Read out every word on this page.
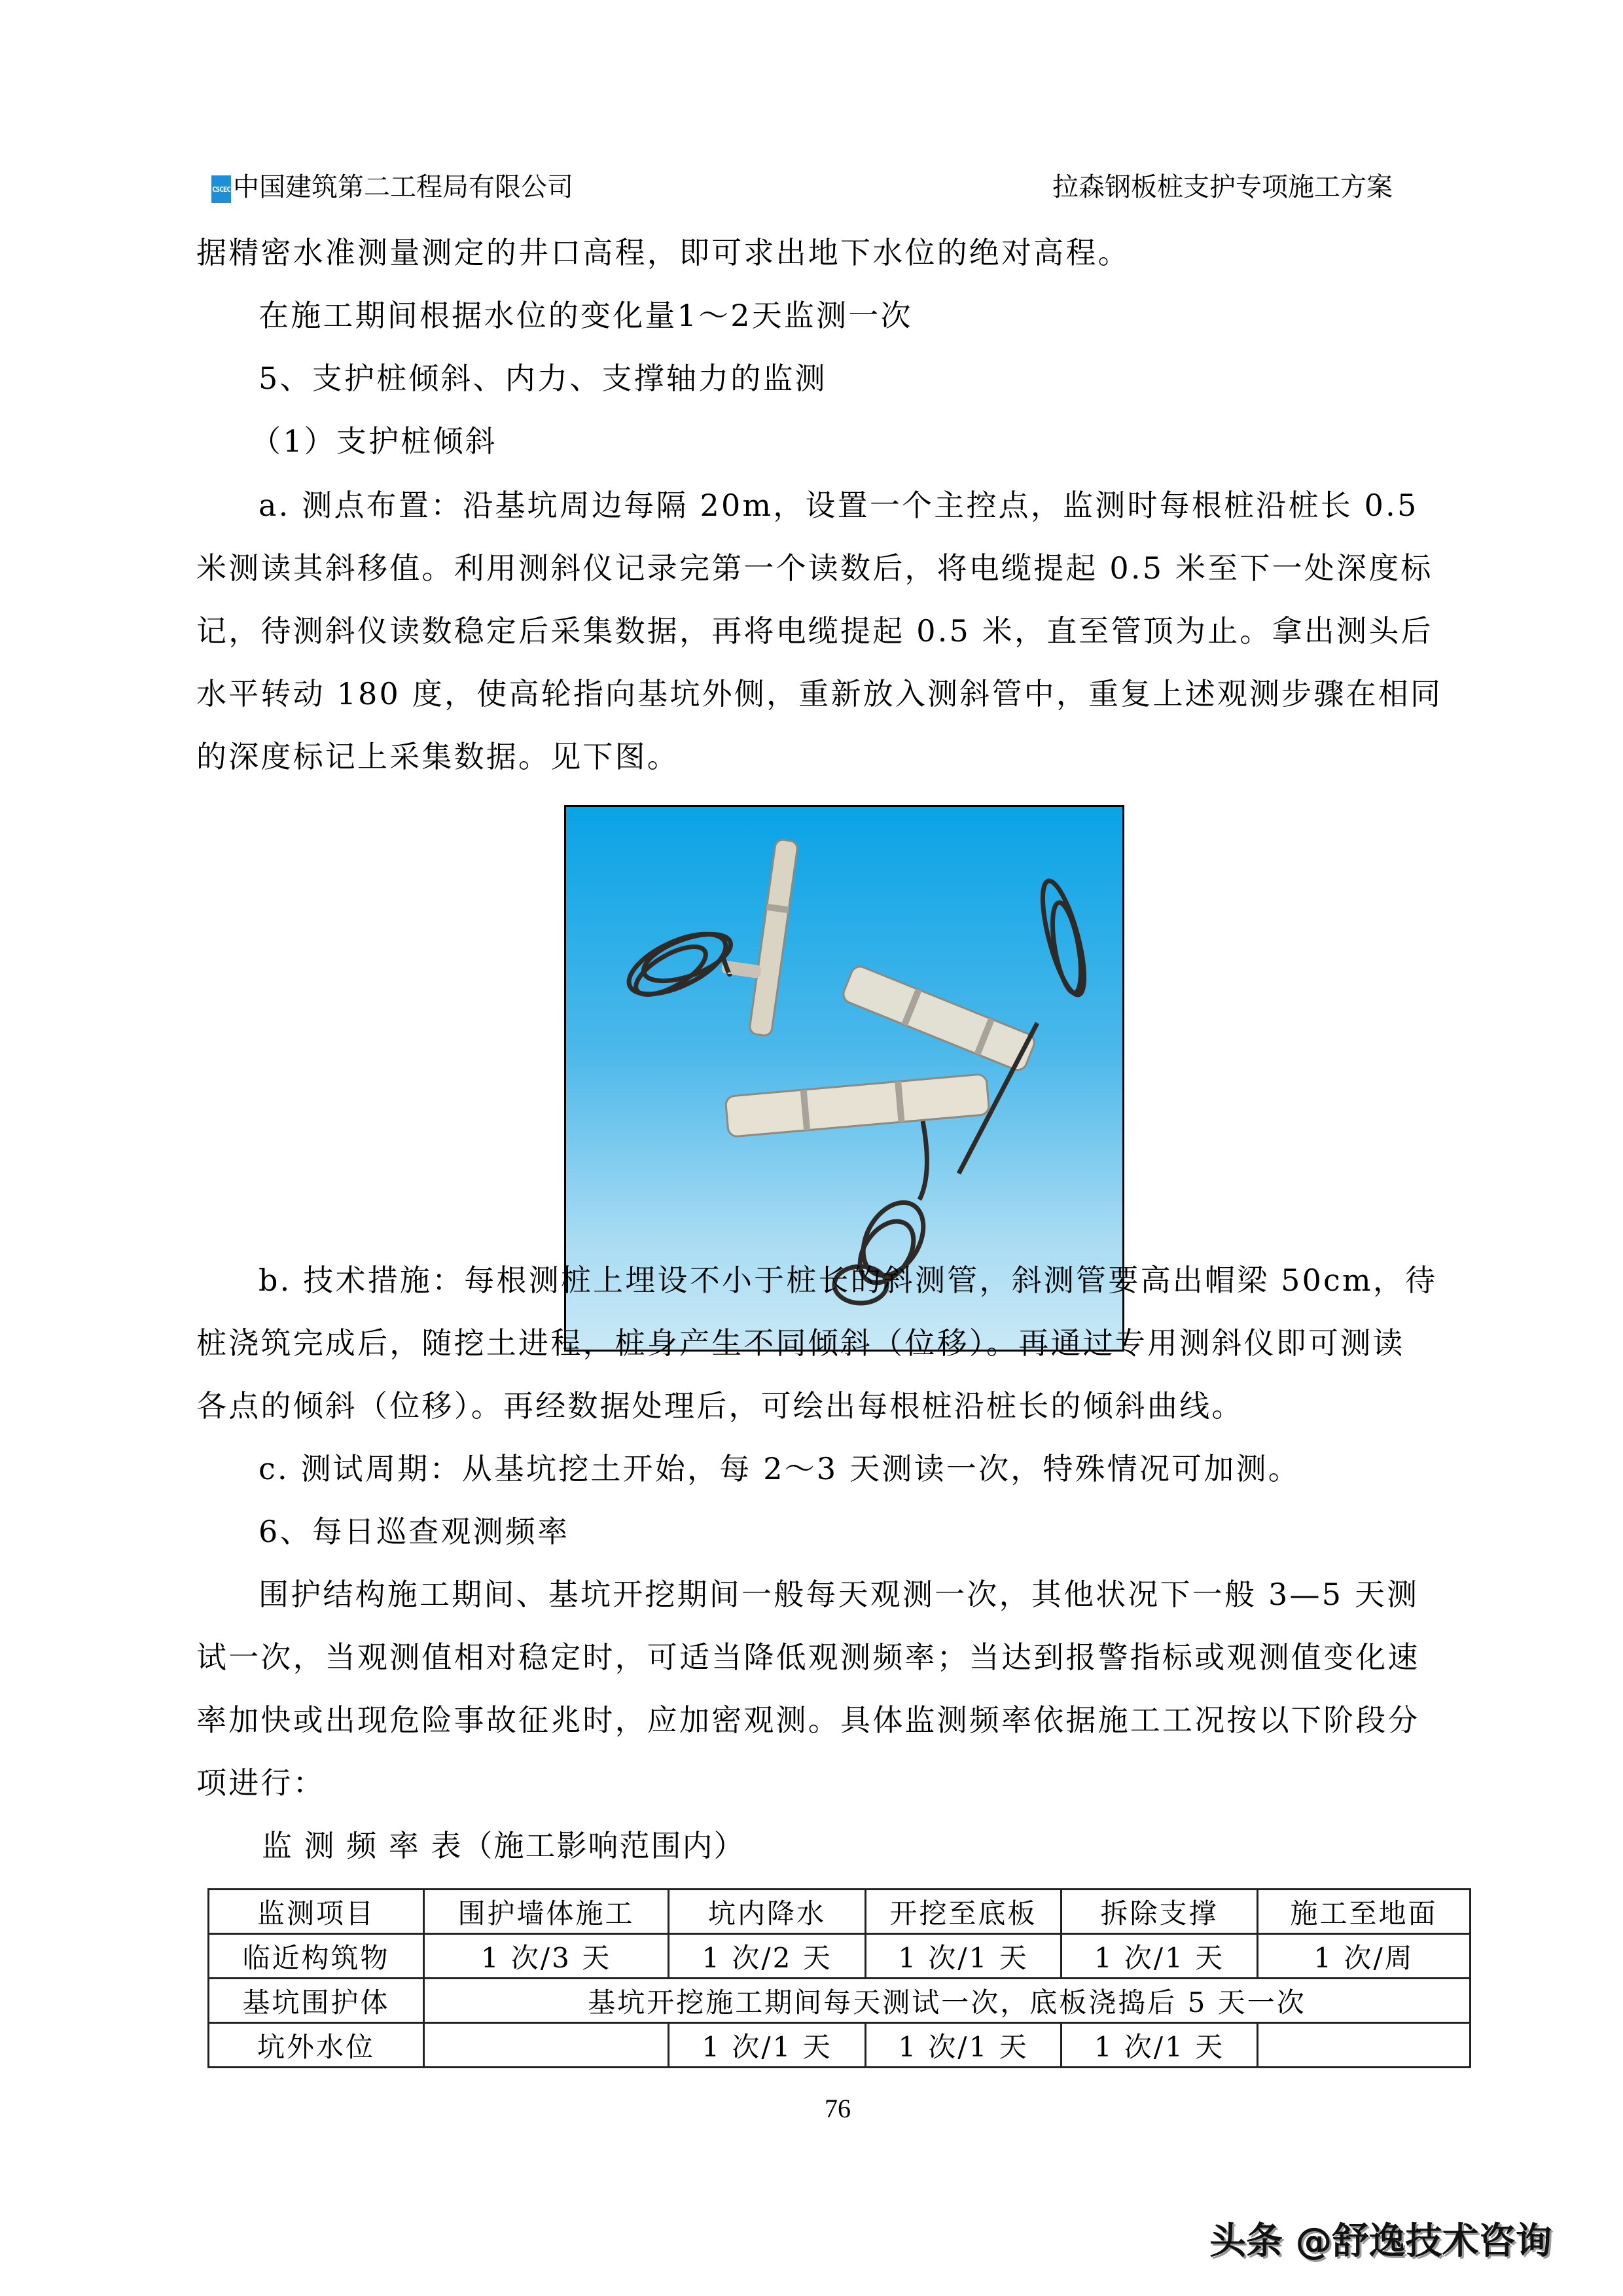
CSCEC 中国建筑第二工程局有限公司	拉森钢板桩支护专项施工方案
据精密水准测量测定的井口高程，即可求出地下水位的绝对高程。
在施工期间根据水位的变化量1～2天监测一次
5、支护桩倾斜、内力、支撑轴力的监测
（1）支护桩倾斜
a. 测点布置：沿基坑周边每隔 20m，设置一个主控点，监测时每根桩沿桩长 0.5
米测读其斜移值。利用测斜仪记录完第一个读数后，将电缆提起 0.5 米至下一处深度标
记，待测斜仪读数稳定后采集数据，再将电缆提起 0.5 米，直至管顶为止。拿出测头后
水平转动 180 度，使高轮指向基坑外侧，重新放入测斜管中，重复上述观测步骤在相同
的深度标记上采集数据。见下图。
b. 技术措施：每根测桩上埋设不小于桩长的斜测管，斜测管要高出帽梁 50cm，待
桩浇筑完成后，随挖土进程，桩身产生不同倾斜（位移）。再通过专用测斜仪即可测读
各点的倾斜（位移）。再经数据处理后，可绘出每根桩沿桩长的倾斜曲线。
c. 测试周期：从基坑挖土开始，每 2～3 天测读一次，特殊情况可加测。
6、每日巡查观测频率
围护结构施工期间、基坑开挖期间一般每天观测一次，其他状况下一般 3—5 天测
试一次，当观测值相对稳定时，可适当降低观测频率；当达到报警指标或观测值变化速
率加快或出现危险事故征兆时，应加密观测。具体监测频率依据施工工况按以下阶段分
项进行：
监 测 频 率 表（施工影响范围内）
监测项目	围护墙体施工	坑内降水	开挖至底板	拆除支撑	施工至地面
临近构筑物	1 次/3 天	1 次/2 天	1 次/1 天	1 次/1 天	1 次/周
基坑围护体	基坑开挖施工期间每天测试一次，底板浇捣后 5 天一次				
坑外水位		1 次/1 天	1 次/1 天	1 次/1 天	
76
头条 @舒逸技术咨询
